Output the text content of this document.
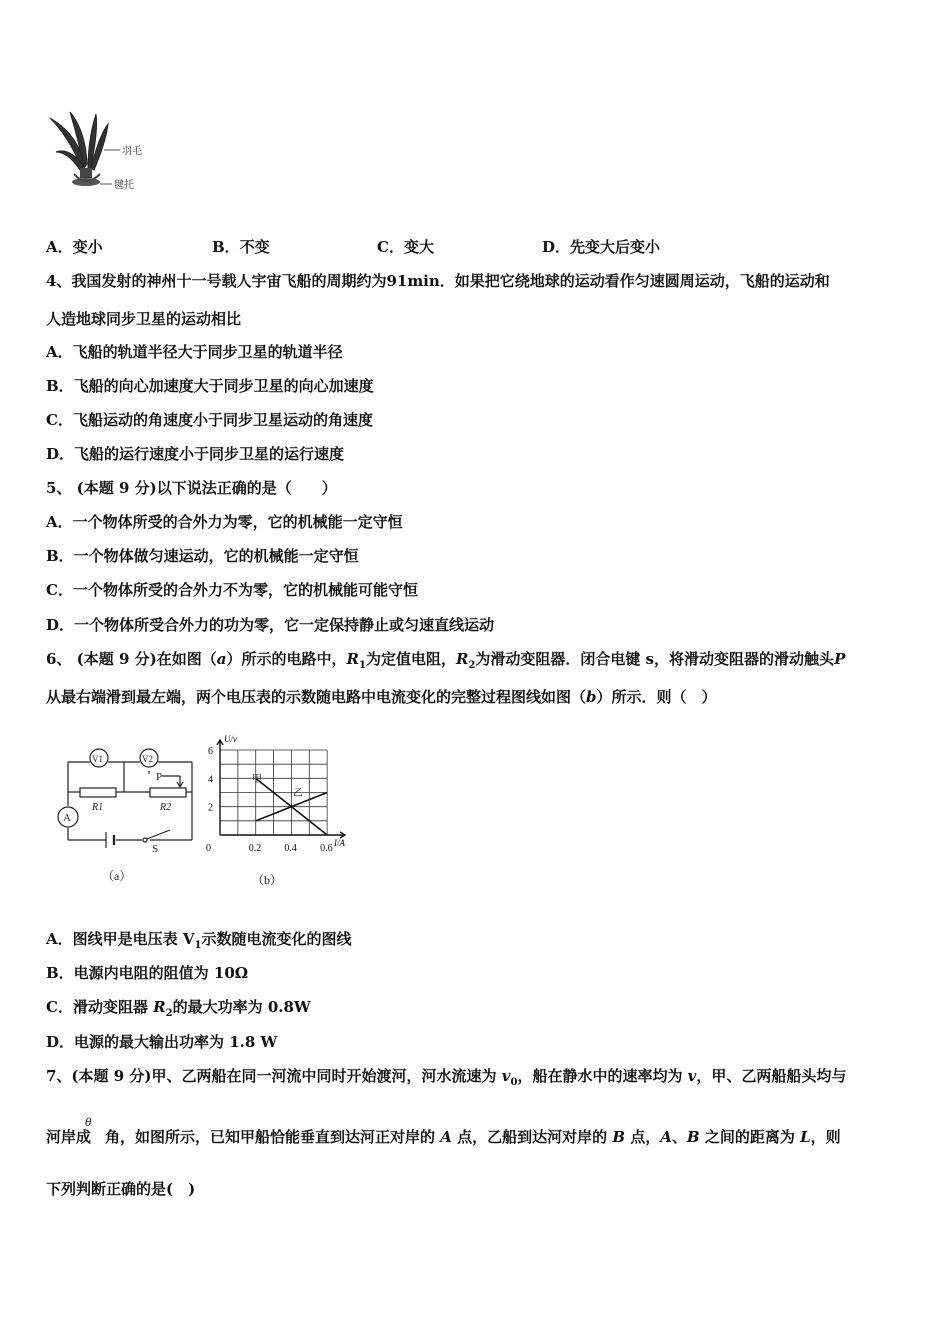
羽毛
毽托
A．变小	B．不变	C．变大	D．先变大后变小
4、我国发射的神州十一号载人宇宙飞船的周期约为91min．如果把它绕地球的运动看作匀速圆周运动，飞船的运动和
人造地球同步卫星的运动相比
A．飞船的轨道半径大于同步卫星的轨道半径
B．飞船的向心加速度大于同步卫星的向心加速度
C．飞船运动的角速度小于同步卫星运动的角速度
D．飞船的运行速度小于同步卫星的运行速度
5、 (本题 9 分)以下说法正确的是（　　）
A．一个物体所受的合外力为零，它的机械能一定守恒
B．一个物体做匀速运动，它的机械能一定守恒
C．一个物体所受的合外力不为零，它的机械能可能守恒
D．一个物体所受合外力的功为零，它一定保持静止或匀速直线运动
6、 (本题 9 分)在如图（a）所示的电路中，$R_1$为定值电阻，$R_2$为滑动变阻器．闭合电键 s，将滑动变阻器的滑动触头P
从最右端滑到最左端，两个电压表的示数随电路中电流变化的完整过程图线如图（b）所示．则（　）
V1	V2
A
P
R1	R2
S
（a）
0	0.2 0.4 0.6
2
4
6
U/v
I/A
甲
乙
（b）
A．图线甲是电压表 $V_1$示数随电流变化的图线
B．电源内电阻的阻值为 10Ω
C．滑动变阻器 $R_2$的最大功率为 0.8W
D．电源的最大输出功率为 1.8 W
7、(本题 9 分)甲、乙两船在同一河流中同时开始渡河，河水流速为 $v_0$，船在静水中的速率均为 v，甲、乙两船船头均与
河岸成
θ
角，如图所示，已知甲船恰能垂直到达河正对岸的 A 点，乙船到达河对岸的 B 点，A、B 之间的距离为 L，则
下列判断正确的是(　)
